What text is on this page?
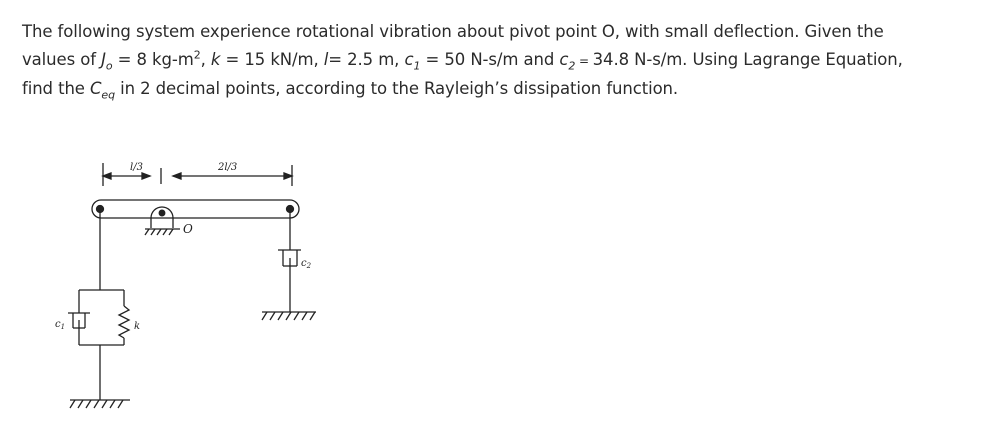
The following system experience rotational vibration about pivot point O, with small deflection. Given the
values of $J_o = 8$ $kg-m^2$, k = 15 kN/m, l= 2.5 m, $c_1 = 50$ N-s/m and $c_2 = 34.8$ N-s/m. Using Lagrange Equation,
find the $C_{eq}$ in 2 decimal points, according to the Rayleigh’s dissipation function.
l/3	2l/3
O
$c_2$
$c_1$	k
